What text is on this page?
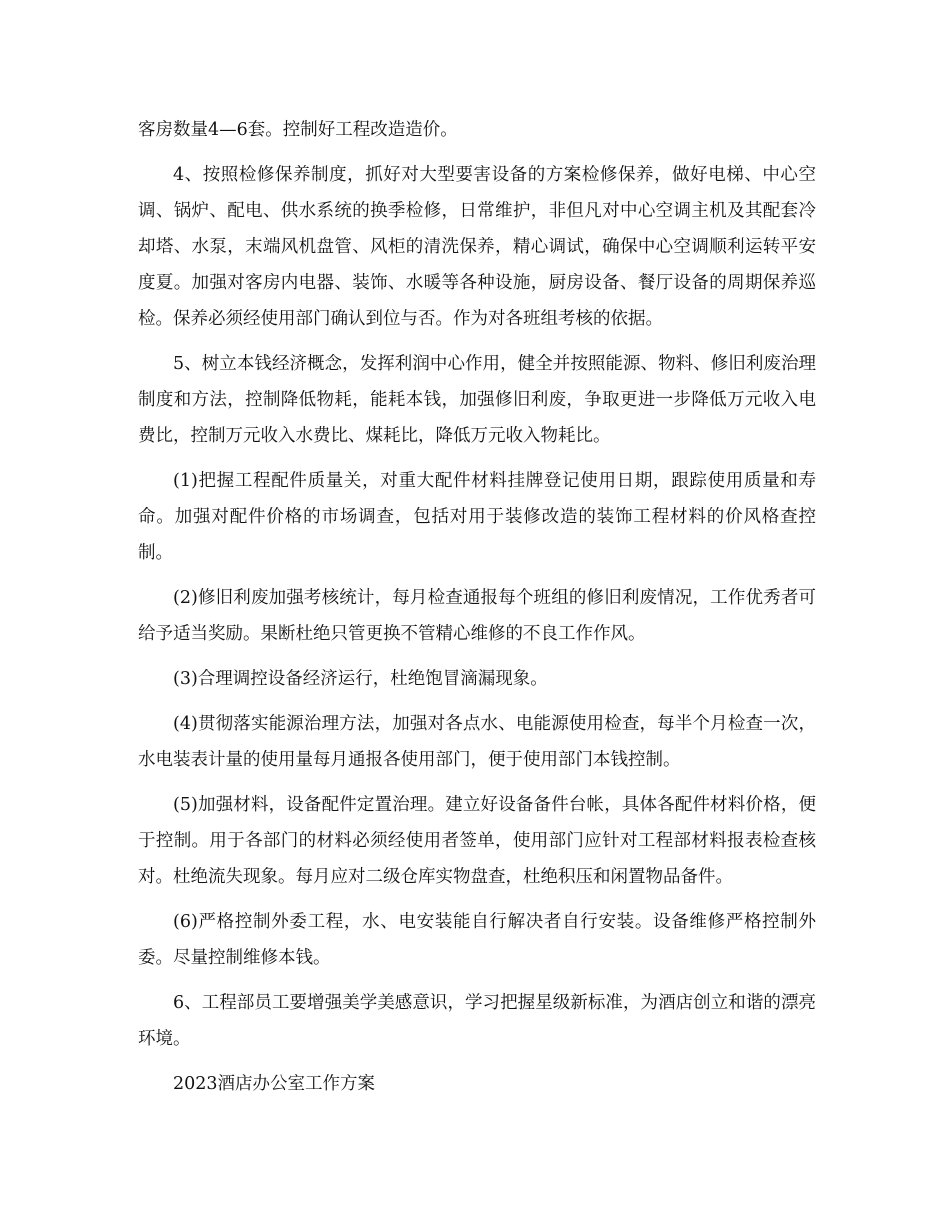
客房数量4—6套。控制好工程改造造价。

4、按照检修保养制度，抓好对大型要害设备的方案检修保养，做好电梯、中心空调、锅炉、配电、供水系统的换季检修，日常维护，非但凡对中心空调主机及其配套冷却塔、水泵，末端风机盘管、风柜的清洗保养，精心调试，确保中心空调顺利运转平安度夏。加强对客房内电器、装饰、水暖等各种设施，厨房设备、餐厅设备的周期保养巡检。保养必须经使用部门确认到位与否。作为对各班组考核的依据。

5、树立本钱经济概念，发挥利润中心作用，健全并按照能源、物料、修旧利废治理制度和方法，控制降低物耗，能耗本钱，加强修旧利废，争取更进一步降低万元收入电费比，控制万元收入水费比、煤耗比，降低万元收入物耗比。

(1)把握工程配件质量关，对重大配件材料挂牌登记使用日期，跟踪使用质量和寿命。加强对配件价格的市场调查，包括对用于装修改造的装饰工程材料的价风格查控制。

(2)修旧利废加强考核统计，每月检查通报每个班组的修旧利废情况，工作优秀者可给予适当奖励。果断杜绝只管更换不管精心维修的不良工作作风。

(3)合理调控设备经济运行，杜绝饱冒滴漏现象。

(4)贯彻落实能源治理方法，加强对各点水、电能源使用检查，每半个月检查一次，水电装表计量的使用量每月通报各使用部门，便于使用部门本钱控制。

(5)加强材料，设备配件定置治理。建立好设备备件台帐，具体各配件材料价格，便于控制。用于各部门的材料必须经使用者签单，使用部门应针对工程部材料报表检查核对。杜绝流失现象。每月应对二级仓库实物盘查，杜绝积压和闲置物品备件。

(6)严格控制外委工程，水、电安装能自行解决者自行安装。设备维修严格控制外委。尽量控制维修本钱。

6、工程部员工要增强美学美感意识，学习把握星级新标准，为酒店创立和谐的漂亮环境。

2023酒店办公室工作方案
